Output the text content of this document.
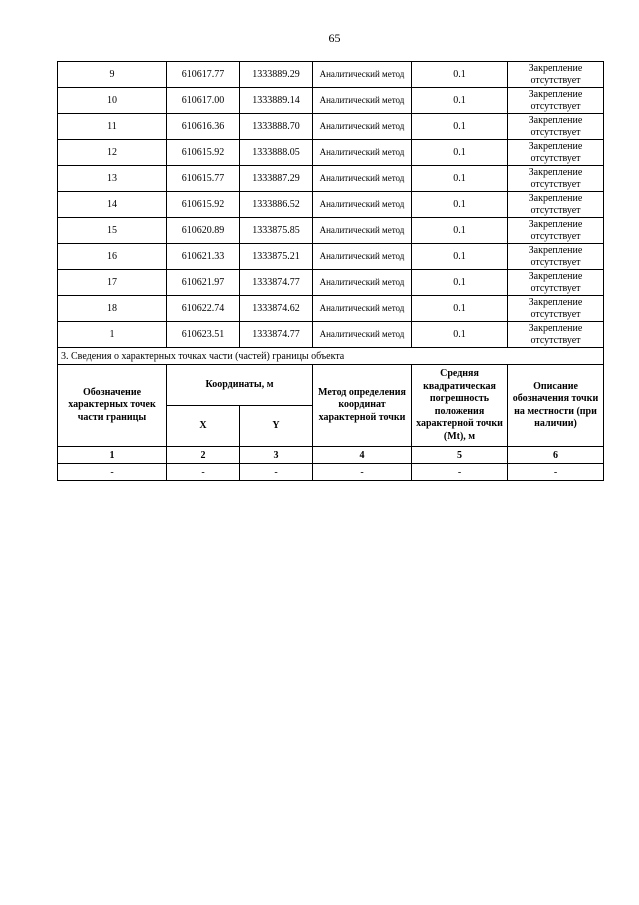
65
9	610617.77	1333889.29	Аналитический метод	0.1	Закрепление отсутствует
10	610617.00	1333889.14	Аналитический метод	0.1	Закрепление отсутствует
11	610616.36	1333888.70	Аналитический метод	0.1	Закрепление отсутствует
12	610615.92	1333888.05	Аналитический метод	0.1	Закрепление отсутствует
13	610615.77	1333887.29	Аналитический метод	0.1	Закрепление отсутствует
14	610615.92	1333886.52	Аналитический метод	0.1	Закрепление отсутствует
15	610620.89	1333875.85	Аналитический метод	0.1	Закрепление отсутствует
16	610621.33	1333875.21	Аналитический метод	0.1	Закрепление отсутствует
17	610621.97	1333874.77	Аналитический метод	0.1	Закрепление отсутствует
18	610622.74	1333874.62	Аналитический метод	0.1	Закрепление отсутствует
1	610623.51	1333874.77	Аналитический метод	0.1	Закрепление отсутствует
3. Сведения о характерных точках части (частей) границы объекта					
Обозначение характерных точек части границы	Координаты, м		Метод определения координат характерной точки	Средняя квадратическая погрешность положения характерной точки (Mt), м	Описание обозначения точки на местности (при наличии)
	X	Y			
1	2	3	4	5	6
-	-	-	-	-	-
